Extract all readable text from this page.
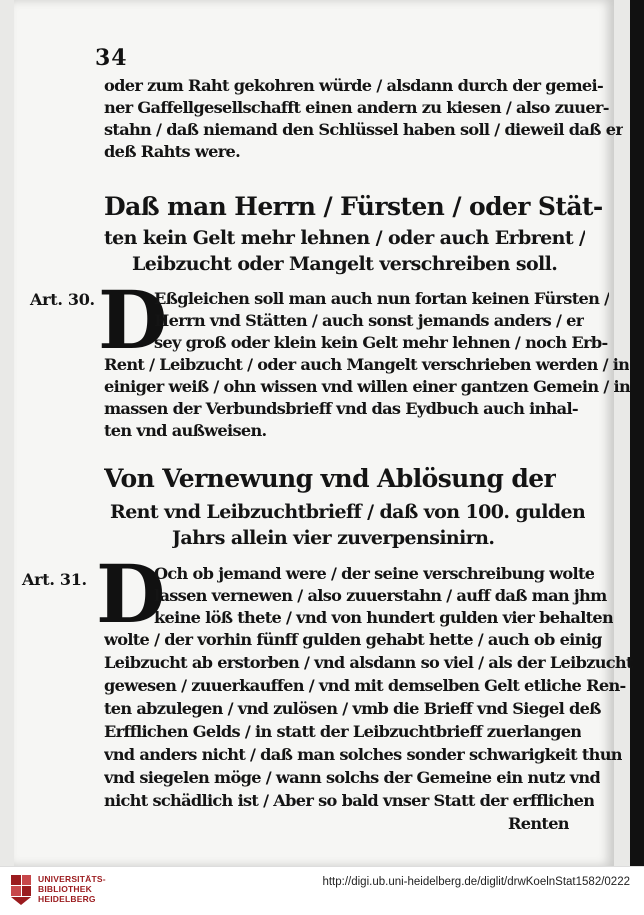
34
oder zum Raht gekohren würde / alsdann durch der gemei-
ner Gaffellgesellschafft einen andern zu kiesen / also zuuer-
stahn / daß niemand den Schlüssel haben soll / dieweil daß er
deß Rahts were.
Daß man Herrn / Fürsten / oder Stät-
ten kein Gelt mehr lehnen / oder auch Erbrent /
Leibzucht oder Mangelt verschreiben soll.
Art. 30. D
Eßgleichen soll man auch nun fortan keinen Fürsten /
Herrn vnd Stätten / auch sonst jemands anders / er
sey groß oder klein kein Gelt mehr lehnen / noch Erb-
Rent / Leibzucht / oder auch Mangelt verschrieben werden / in
einiger weiß / ohn wissen vnd willen einer gantzen Gemein / in
massen der Verbundsbrieff vnd das Eydbuch auch inhal-
ten vnd außweisen.
Von Vernewung vnd Ablösung der
Rent vnd Leibzuchtbrieff / daß von 100. gulden
Jahrs allein vier zuverpensinirn.
Art. 31. D
Och ob jemand were / der seine verschreibung wolte
lassen vernewen / also zuuerstahn / auff daß man jhm
keine löß thete / vnd von hundert gulden vier behalten
wolte / der vorhin fünff gulden gehabt hette / auch ob einig
Leibzucht ab erstorben / vnd alsdann so viel / als der Leibzucht
gewesen / zuuerkauffen / vnd mit demselben Gelt etliche Ren-
ten abzulegen / vnd zulösen / vmb die Brieff vnd Siegel deß
Erfflichen Gelds / in statt der Leibzuchtbrieff zuerlangen
vnd anders nicht / daß man solches sonder schwarigkeit thun
vnd siegelen möge / wann solchs der Gemeine ein nutz vnd
nicht schädlich ist / Aber so bald vnser Statt der erfflichen
Renten
UNIVERSITÄTS-
BIBLIOTHEK
HEIDELBERG
http://digi.ub.uni-heidelberg.de/diglit/drwKoelnStat1582/0222
